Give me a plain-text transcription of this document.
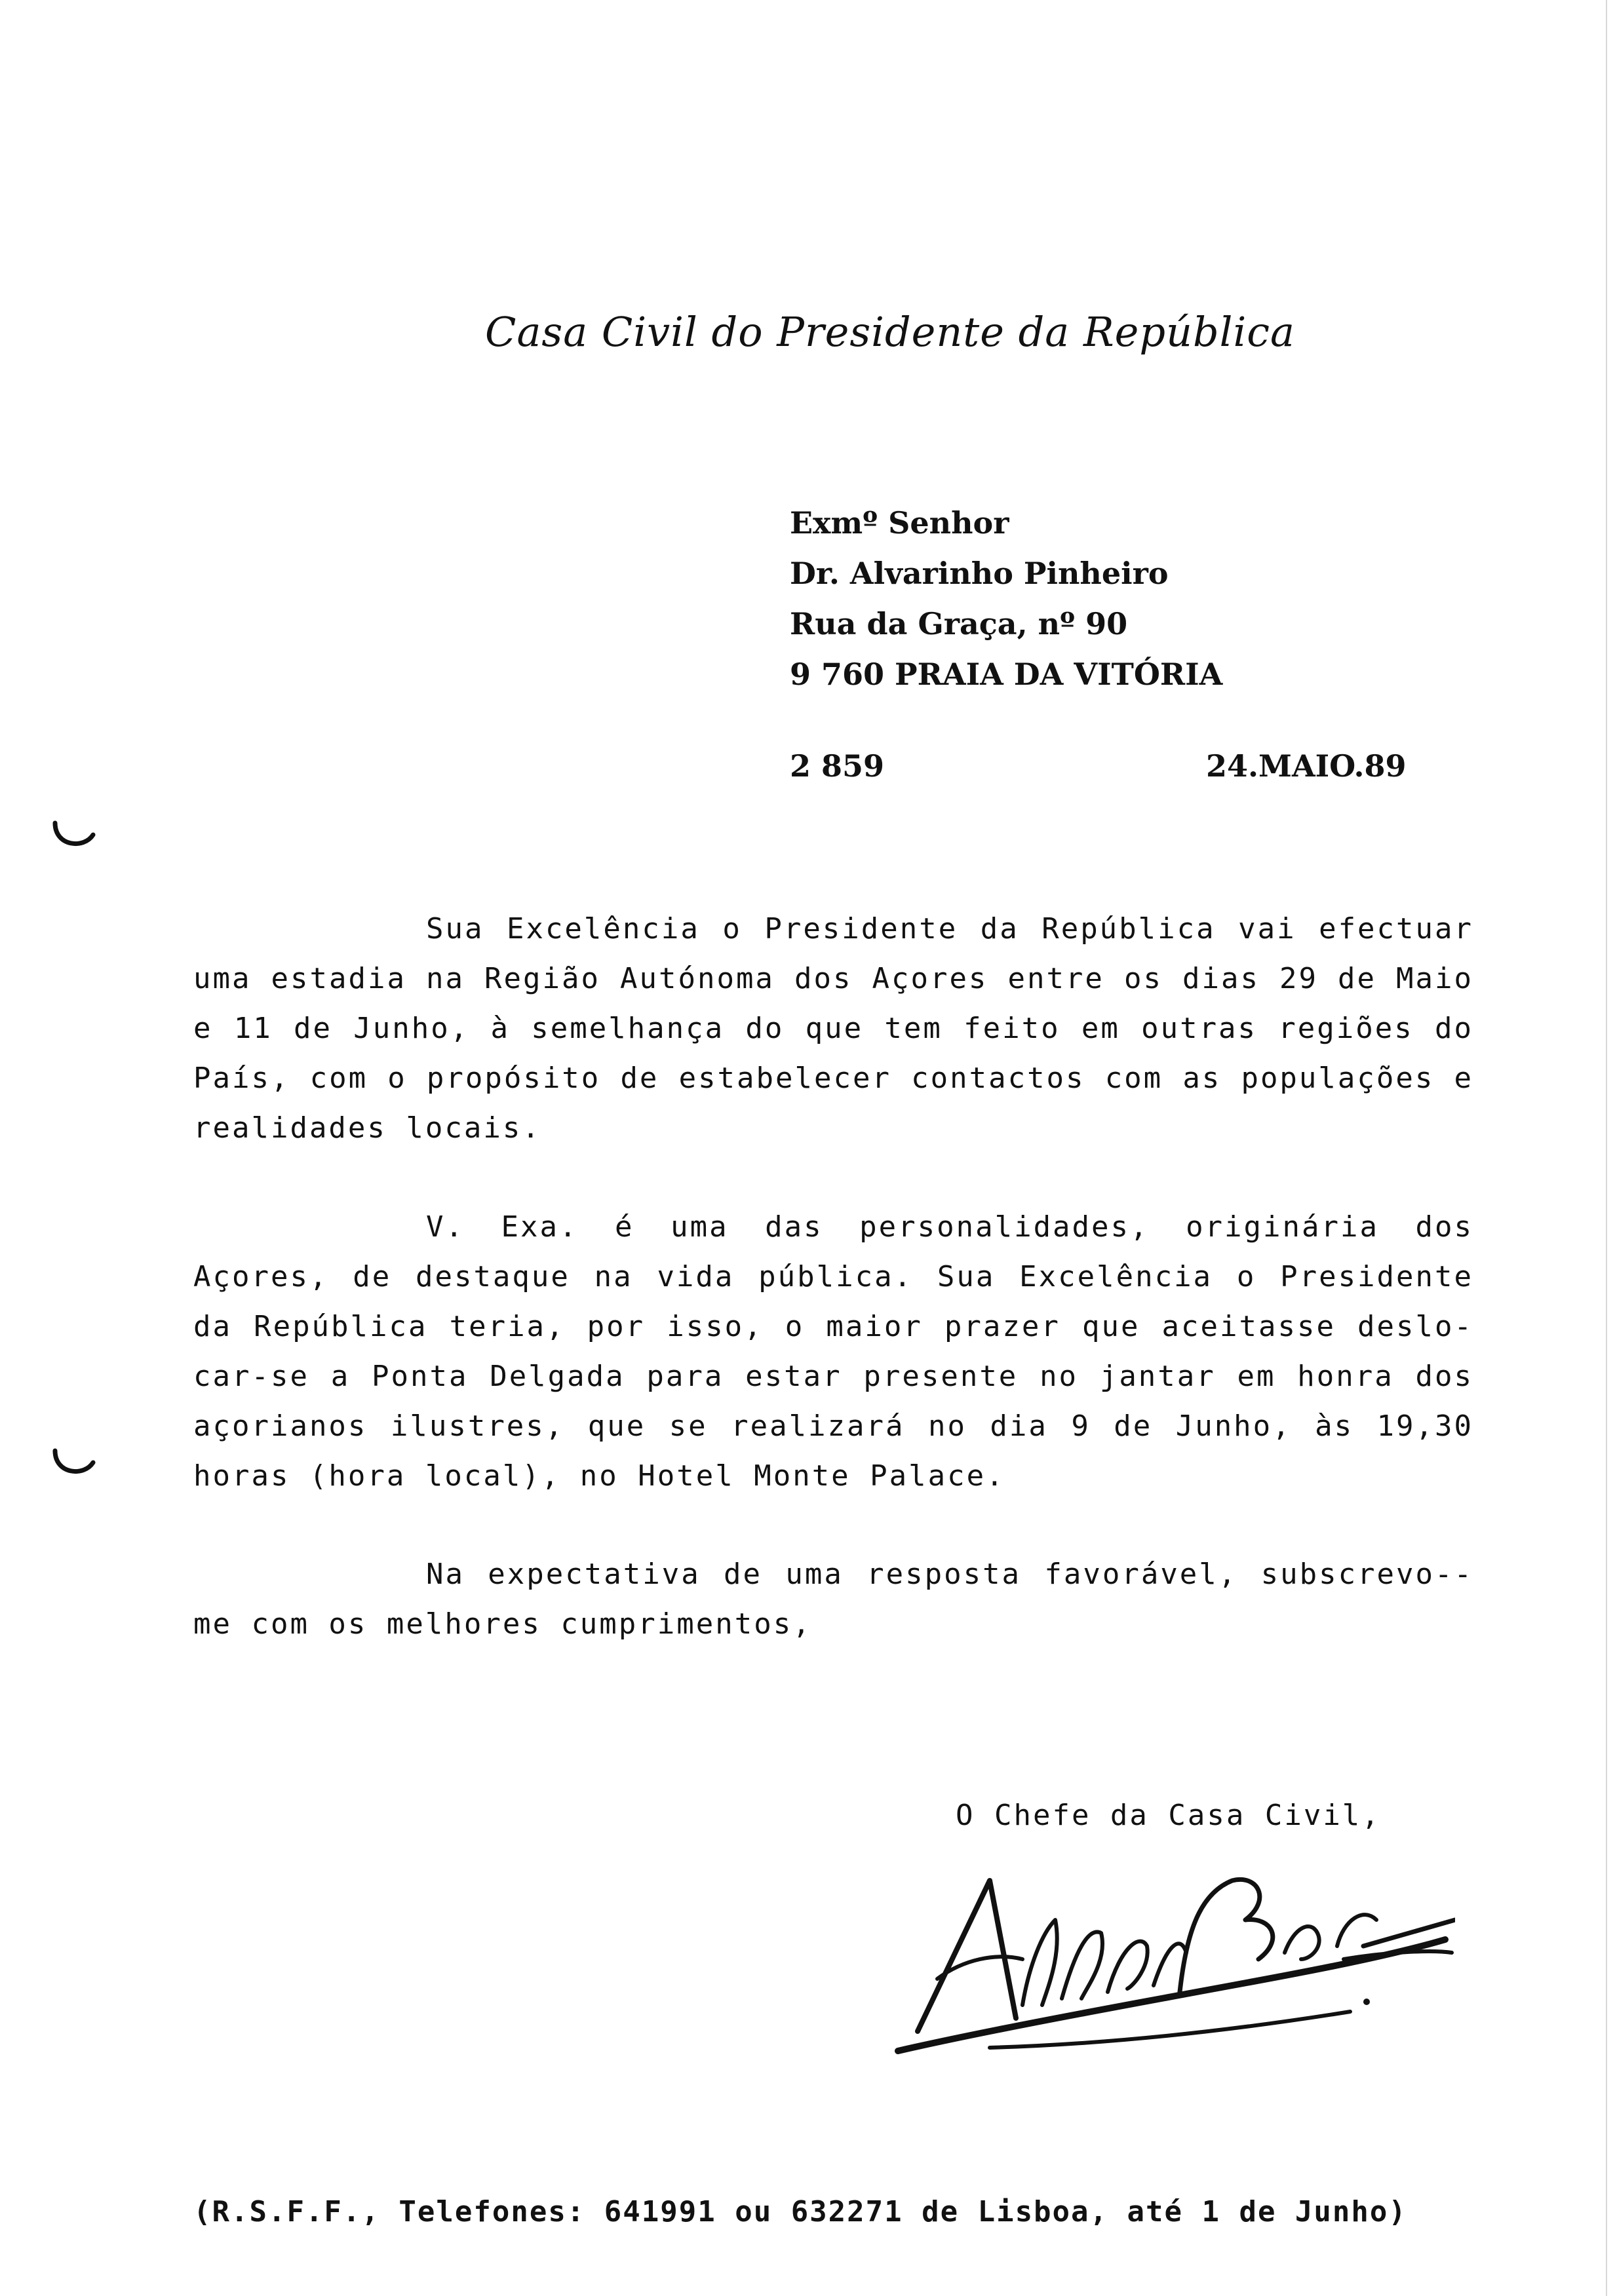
Casa Civil do Presidente da República
Exmº Senhor
Dr. Alvarinho Pinheiro
Rua da Graça, nº 90
9 760 PRAIA DA VITÓRIA
2 859	24.MAIO.89
Sua Excelência o Presidente da República vai efectuar uma estadia na Região Autónoma dos Açores entre os dias 29 de Maio e 11 de Junho, à semelhança do que tem feito em outras regiões do País, com o propósito de estabelecer contactos com as populações e realidades locais.
V. Exa. é uma das personalidades, originária dos Açores, de destaque na vida pública. Sua Excelência o Presidente da República teria, por isso, o maior prazer que aceitasse deslo-car-se a Ponta Delgada para estar presente no jantar em honra dos açorianos ilustres, que se realizará no dia 9 de Junho, às 19,30 horas (hora local), no Hotel Monte Palace.
Na expectativa de uma resposta favorável, subscrevo--me com os melhores cumprimentos,
O Chefe da Casa Civil,
(R.S.F.F., Telefones: 641991 ou 632271 de Lisboa, até 1 de Junho)
